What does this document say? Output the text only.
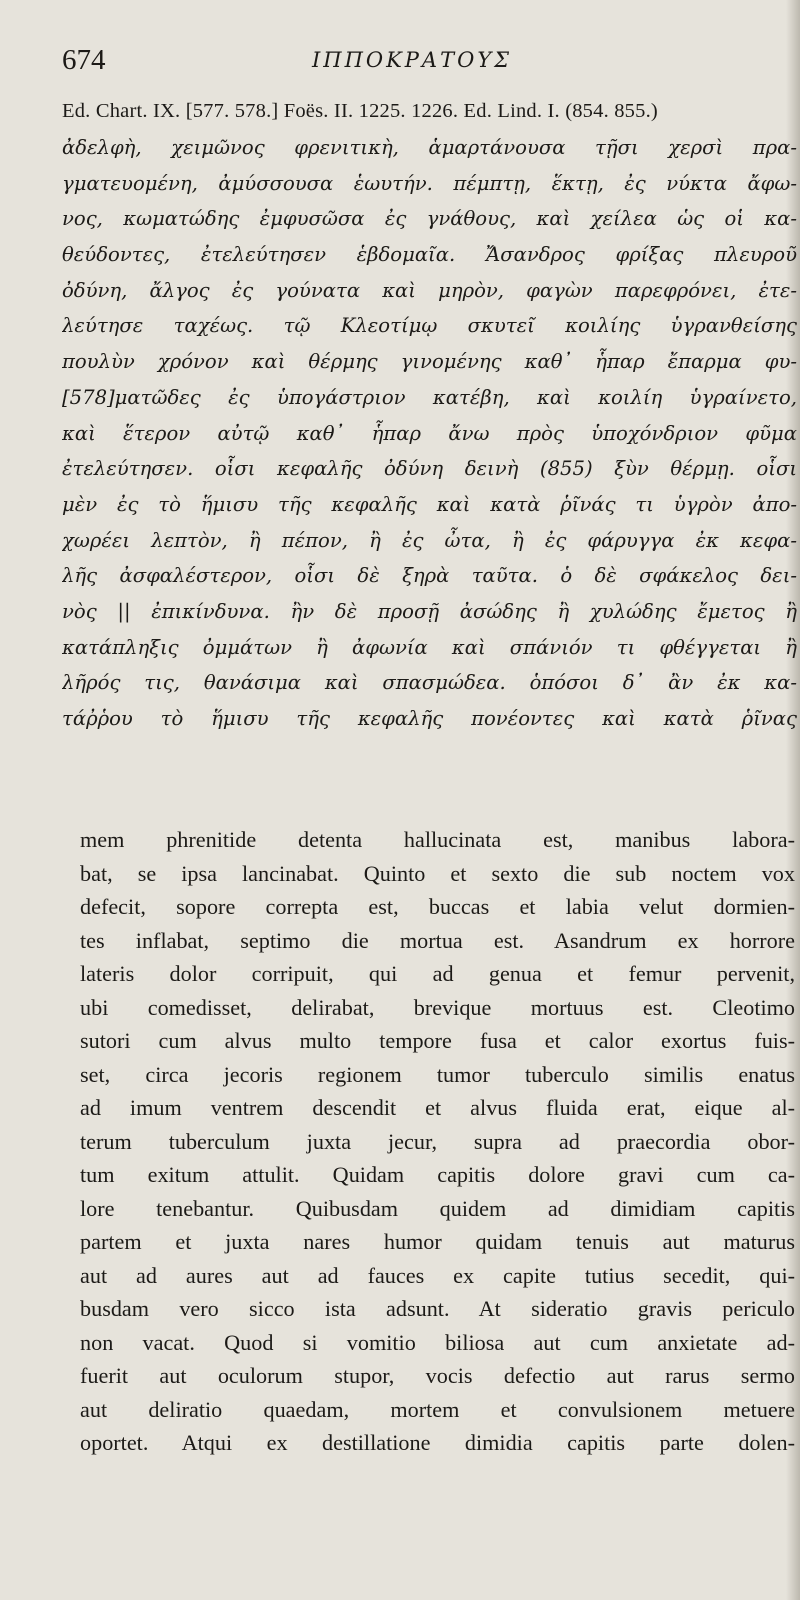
674	ΙΠΠΟΚΡΑΤΟΥΣ
Ed. Chart. IX. [577. 578.] Foës. II. 1225. 1226. Ed. Lind. I. (854. 855.)
ἀδελφὴ, χειμῶνος φρενιτικὴ, ἁμαρτάνουσα τῇσι χερσὶ πρα-
γματευομένη, ἀμύσσουσα ἑωυτήν. πέμπτῃ, ἕκτῃ, ἐς νύκτα ἄφω-
νος, κωματώδης ἐμφυσῶσα ἐς γνάθους, καὶ χείλεα ὡς οἱ κα-
θεύδοντες, ἐτελεύτησεν ἑβδομαῖα. Ἄσανδρος φρίξας πλευροῦ
ὀδύνη, ἄλγος ἐς γούνατα καὶ μηρὸν, φαγὼν παρεφρόνει, ἐτε-
λεύτησε ταχέως. τῷ Κλεοτίμῳ σκυτεῖ κοιλίης ὑγρανθείσης
πουλὺν χρόνον καὶ θέρμης γινομένης καθ᾽ ἧπαρ ἔπαρμα φυ-
[578]ματῶδες ἐς ὑπογάστριον κατέβη, καὶ κοιλίη ὑγραίνετο,
καὶ ἕτερον αὐτῷ καθ᾽ ἧπαρ ἄνω πρὸς ὑποχόνδριον φῦμα
ἐτελεύτησεν. οἷσι κεφαλῆς ὀδύνη δεινὴ (855) ξὺν θέρμῃ. οἷσι
μὲν ἐς τὸ ἥμισυ τῆς κεφαλῆς καὶ κατὰ ῥῖνάς τι ὑγρὸν ἀπο-
χωρέει λεπτὸν, ἢ πέπον, ἢ ἐς ὦτα, ἢ ἐς φάρυγγα ἐκ κεφα-
λῆς ἀσφαλέστερον, οἷσι δὲ ξηρὰ ταῦτα. ὁ δὲ σφάκελος δει-
νὸς || ἐπικίνδυνα. ἢν δὲ προσῇ ἀσώδης ἢ χυλώδης ἔμετος ἢ
κατάπληξις ὀμμάτων ἢ ἀφωνία καὶ σπάνιόν τι φθέγγεται ἢ
λῆρός τις, θανάσιμα καὶ σπασμώδεα. ὁπόσοι δ᾽ ἂν ἐκ κα-
τάῤῥου τὸ ἥμισυ τῆς κεφαλῆς πονέοντες καὶ κατὰ ῥῖνας
mem phrenitide detenta hallucinata est, manibus labora-
bat, se ipsa lancinabat. Quinto et sexto die sub noctem vox
defecit, sopore correpta est, buccas et labia velut dormien-
tes inflabat, septimo die mortua est. Asandrum ex horrore
lateris dolor corripuit, qui ad genua et femur pervenit,
ubi comedisset, delirabat, brevique mortuus est. Cleotimo
sutori cum alvus multo tempore fusa et calor exortus fuis-
set, circa jecoris regionem tumor tuberculo similis enatus
ad imum ventrem descendit et alvus fluida erat, eique al-
terum tuberculum juxta jecur, supra ad praecordia obor-
tum exitum attulit. Quidam capitis dolore gravi cum ca-
lore tenebantur. Quibusdam quidem ad dimidiam capitis
partem et juxta nares humor quidam tenuis aut maturus
aut ad aures aut ad fauces ex capite tutius secedit, qui-
busdam vero sicco ista adsunt. At sideratio gravis periculo
non vacat. Quod si vomitio biliosa aut cum anxietate ad-
fuerit aut oculorum stupor, vocis defectio aut rarus sermo
aut deliratio quaedam, mortem et convulsionem metuere
oportet. Atqui ex destillatione dimidia capitis parte dolen-
